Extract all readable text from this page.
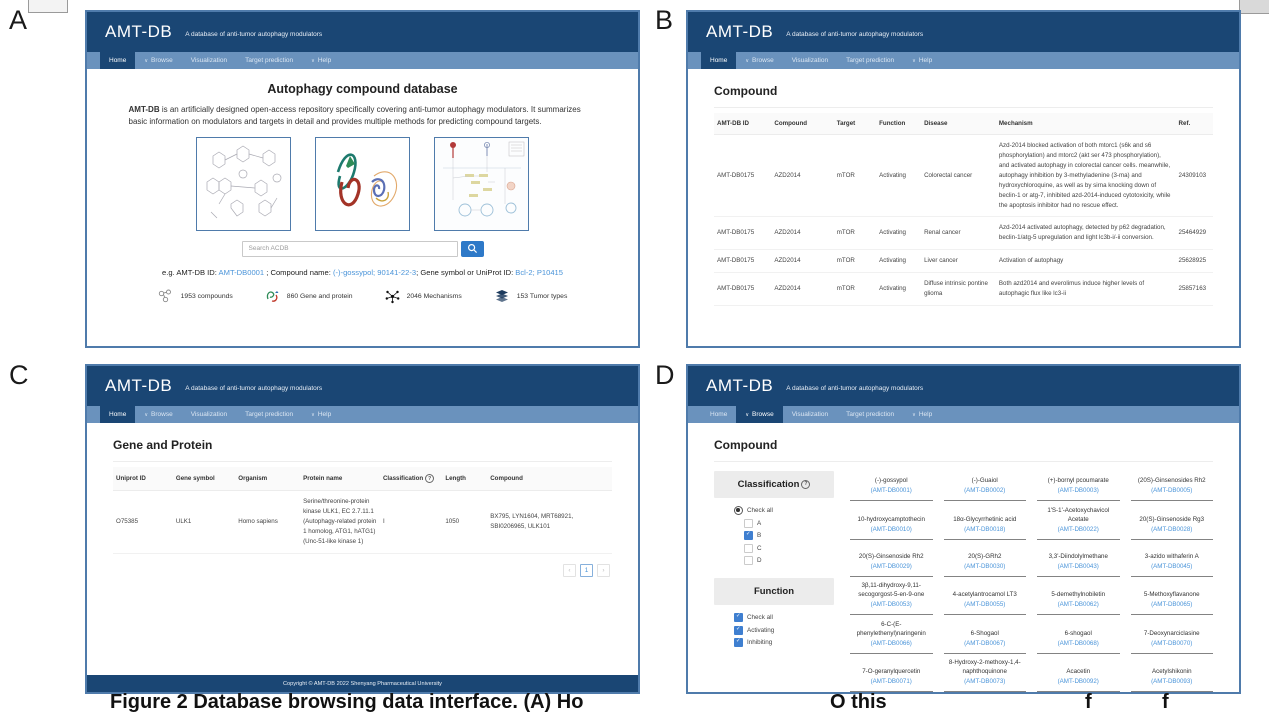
A	B
C	D
AMT-DB A database of anti-tumor autophagy modulators
Home	∨ Browse	Visualization	Target prediction	∨ Help
Autophagy compound database
AMT-DB is an artificially designed open-access repository specifically covering anti-tumor autophagy modulators. It summarizes basic information on modulators and targets in detail and provides multiple methods for predicting compound targets.
Search ACDB
e.g. AMT-DB ID: AMT-DB0001 ; Compound name: (-)-gossypol; 90141-22-3; Gene symbol or UniProt ID: Bcl-2; P10415
1953 compounds	860 Gene and protein	2046 Mechanisms	153 Tumor types
AMT-DB A database of anti-tumor autophagy modulators
Home	∨ Browse	Visualization	Target prediction	∨ Help
Compound
AMT-DB ID	Compound	Target	Function	Disease	Mechanism	Ref.
AMT-DB0175	AZD2014	mTOR	Activating	Colorectal cancer	Azd-2014 blocked activation of both mtorc1 (s6k and s6 phosphorylation) and mtorc2 (akt ser 473 phosphorylation), and activated autophagy in colorectal cancer cells. meanwhile, autophagy inhibition by 3-methyladenine (3-ma) and hydroxychloroquine, as well as by sirna knocking down of beclin-1 or atg-7, inhibited azd-2014-induced cytotoxicity, while the apoptosis inhibitor had no rescue effect.	24309103
AMT-DB0175	AZD2014	mTOR	Activating	Renal cancer	Azd-2014 activated autophagy, detected by p62 degradation, beclin-1/atg-5 upregulation and light lc3b-i/-ii conversion.	25464929
AMT-DB0175	AZD2014	mTOR	Activating	Liver cancer	Activation of autophagy	25628925
AMT-DB0175	AZD2014	mTOR	Activating	Diffuse intrinsic pontine glioma	Both azd2014 and everolimus induce higher levels of autophagic flux like lc3-ii	25857163
AMT-DB A database of anti-tumor autophagy modulators
Home	∨ Browse	Visualization	Target prediction	∨ Help
Gene and Protein
Uniprot ID	Gene symbol	Organism	Protein name	Classification ?	Length	Compound
O75385	ULK1	Homo sapiens	Serine/threonine-protein kinase ULK1, EC 2.7.11.1 (Autophagy-related protein 1 homolog, ATG1, hATG1) (Unc-51-like kinase 1)	I	1050	BX795, LYN1604, MRT68921, SBI0206965, ULK101
‹	1	›
Copyright © AMT-DB 2022 Shenyang Pharmaceutical University
AMT-DB A database of anti-tumor autophagy modulators
Home	∨ Browse	Visualization	Target prediction	∨ Help
Compound
Classification ?
Check all
A
✓
B
C
D
Function
✓
Check all
✓
Activating
✓
Inhibiting
(-)-gossypol
(AMT-DB0001)
(-)-Guaiol
(AMT-DB0002)
(+)-bornyl pcoumarate
(AMT-DB0003)
(20S)-Ginsenosides Rh2
(AMT-DB0005)
10-hydroxycamptothecin
(AMT-DB0010)
18α-Glycyrrhetinic acid
(AMT-DB0018)
1'S-1'-Acetoxychavicol Acetate
(AMT-DB0022)
20(S)-Ginsenoside Rg3
(AMT-DB0028)
20(S)-Ginsenoside Rh2
(AMT-DB0029)
20(S)-GRh2
(AMT-DB0030)
3,3'-Diindolylmethane
(AMT-DB0043)
3-azido withaferin A
(AMT-DB0045)
3β,11-dihydroxy-9,11-secogorgost-5-en-9-one
(AMT-DB0053)
4-acetylantrocamol LT3
(AMT-DB0055)
5-demethylnobiletin
(AMT-DB0062)
5-Methoxyflavanone
(AMT-DB0065)
6-C-(E-phenylethenyl)naringenin
(AMT-DB0066)
6-Shogaol
(AMT-DB0067)
6-shogaol
(AMT-DB0068)
7-Deoxynarciclasine
(AMT-DB0070)
7-O-geranylquercetin
(AMT-DB0071)
8-Hydroxy-2-methoxy-1,4-naphthoquinone
(AMT-DB0073)
Acacetin
(AMT-DB0092)
Acetylshikonin
(AMT-DB0093)
Figure 2 Database browsing data interface. (A) Ho	O this	f	f
